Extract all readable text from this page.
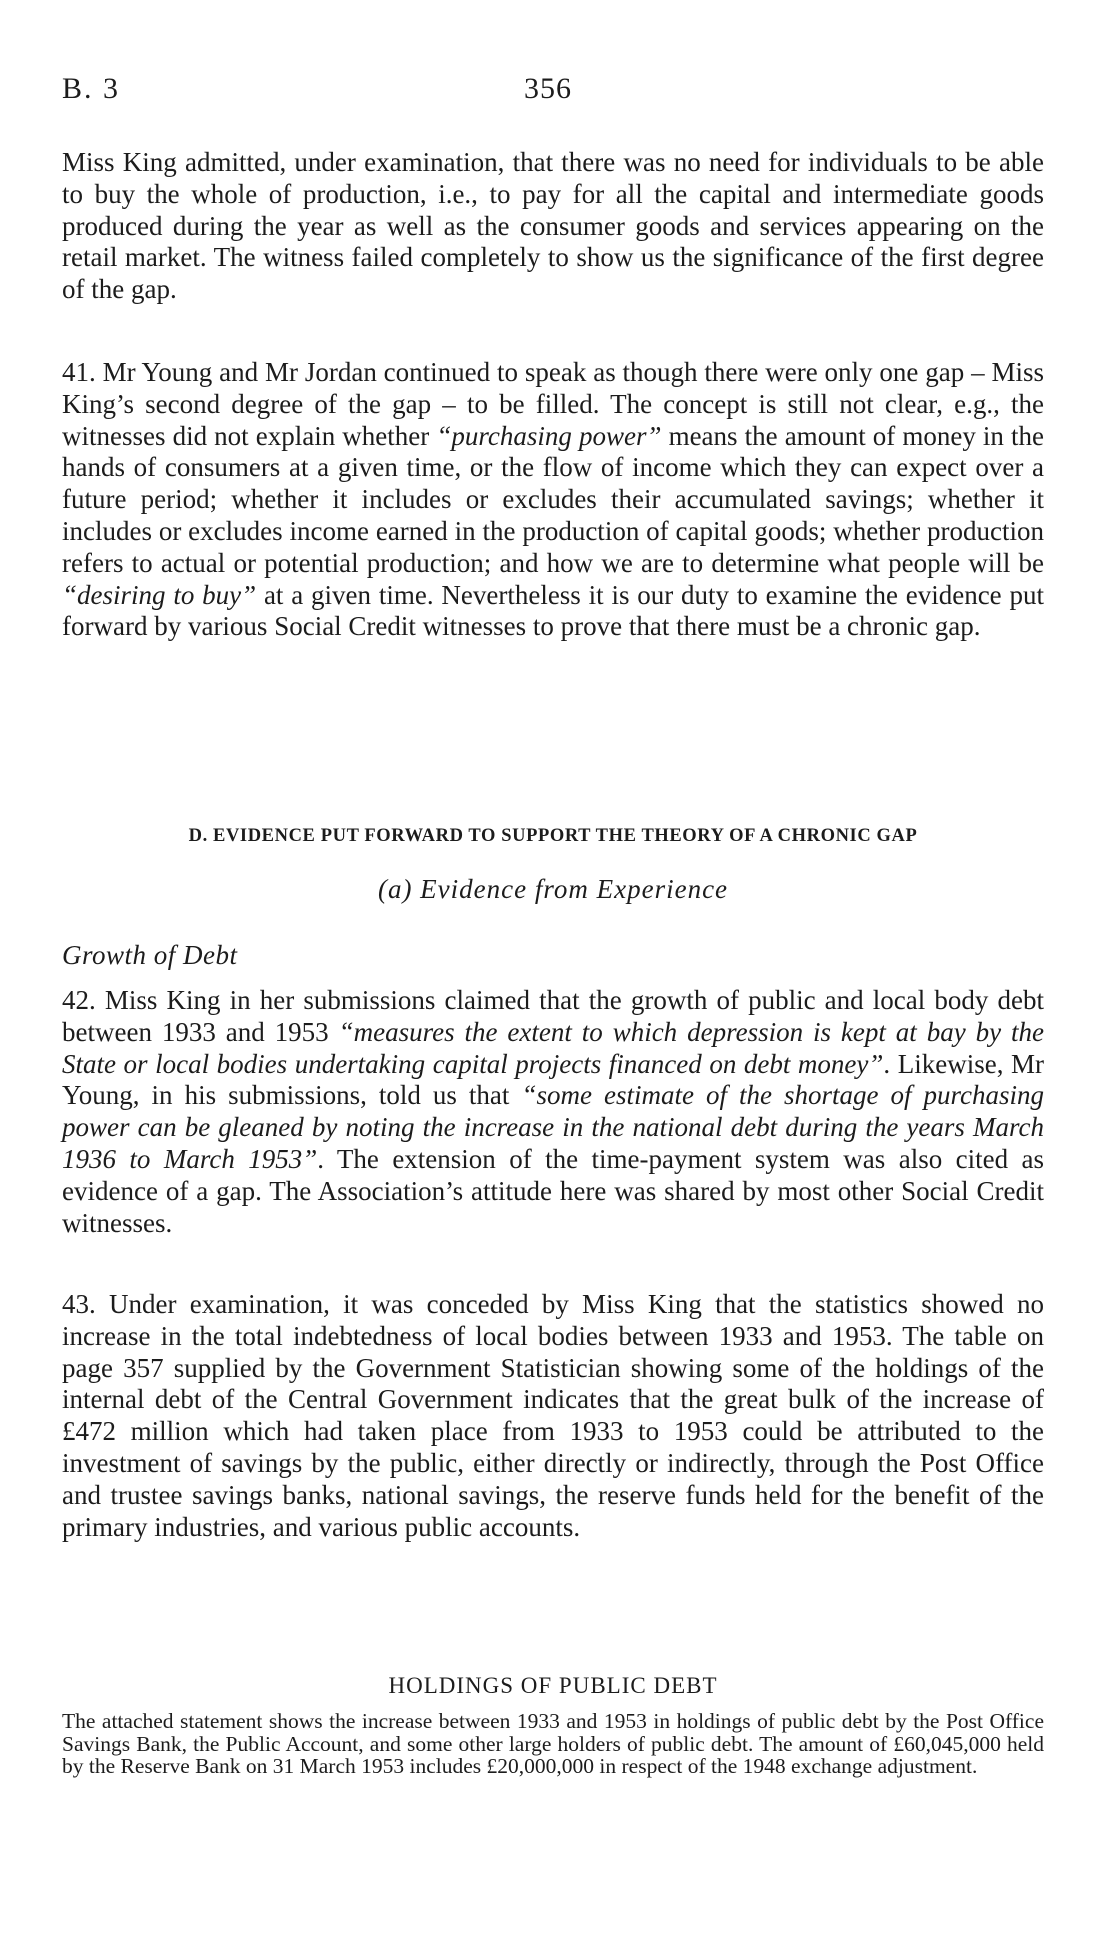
B. 3	356

Miss King admitted, under examination, that there was no need for individuals to be able to buy the whole of production, i.e., to pay for all the capital and intermediate goods produced during the year as well as the consumer goods and services appearing on the retail market. The witness failed completely to show us the significance of the first degree of the gap.

41. Mr Young and Mr Jordan continued to speak as though there were only one gap – Miss King’s second degree of the gap – to be filled. The concept is still not clear, e.g., the witnesses did not explain whether “purchasing power” means the amount of money in the hands of consumers at a given time, or the flow of income which they can expect over a future period; whether it includes or excludes their accumulated savings; whether it includes or excludes income earned in the production of capital goods; whether production refers to actual or potential production; and how we are to determine what people will be “desiring to buy” at a given time. Nevertheless it is our duty to examine the evidence put forward by various Social Credit witnesses to prove that there must be a chronic gap.

D. EVIDENCE PUT FORWARD TO SUPPORT THE THEORY OF A CHRONIC GAP
(a) Evidence from Experience
Growth of Debt

42. Miss King in her submissions claimed that the growth of public and local body debt between 1933 and 1953 “measures the extent to which depression is kept at bay by the State or local bodies undertaking capital projects financed on debt money”. Likewise, Mr Young, in his submissions, told us that “some estimate of the shortage of purchasing power can be gleaned by noting the increase in the national debt during the years March 1936 to March 1953”. The extension of the time-payment system was also cited as evidence of a gap. The Association’s attitude here was shared by most other Social Credit witnesses.

43. Under examination, it was conceded by Miss King that the statistics showed no increase in the total indebtedness of local bodies between 1933 and 1953. The table on page 357 supplied by the Government Statistician showing some of the holdings of the internal debt of the Central Government indicates that the great bulk of the increase of £472 million which had taken place from 1933 to 1953 could be attributed to the investment of savings by the public, either directly or indirectly, through the Post Office and trustee savings banks, national savings, the reserve funds held for the benefit of the primary industries, and various public accounts.

HOLDINGS OF PUBLIC DEBT

The attached statement shows the increase between 1933 and 1953 in holdings of public debt by the Post Office Savings Bank, the Public Account, and some other large holders of public debt. The amount of £60,045,000 held by the Reserve Bank on 31 March 1953 includes £20,000,000 in respect of the 1948 exchange adjustment.
